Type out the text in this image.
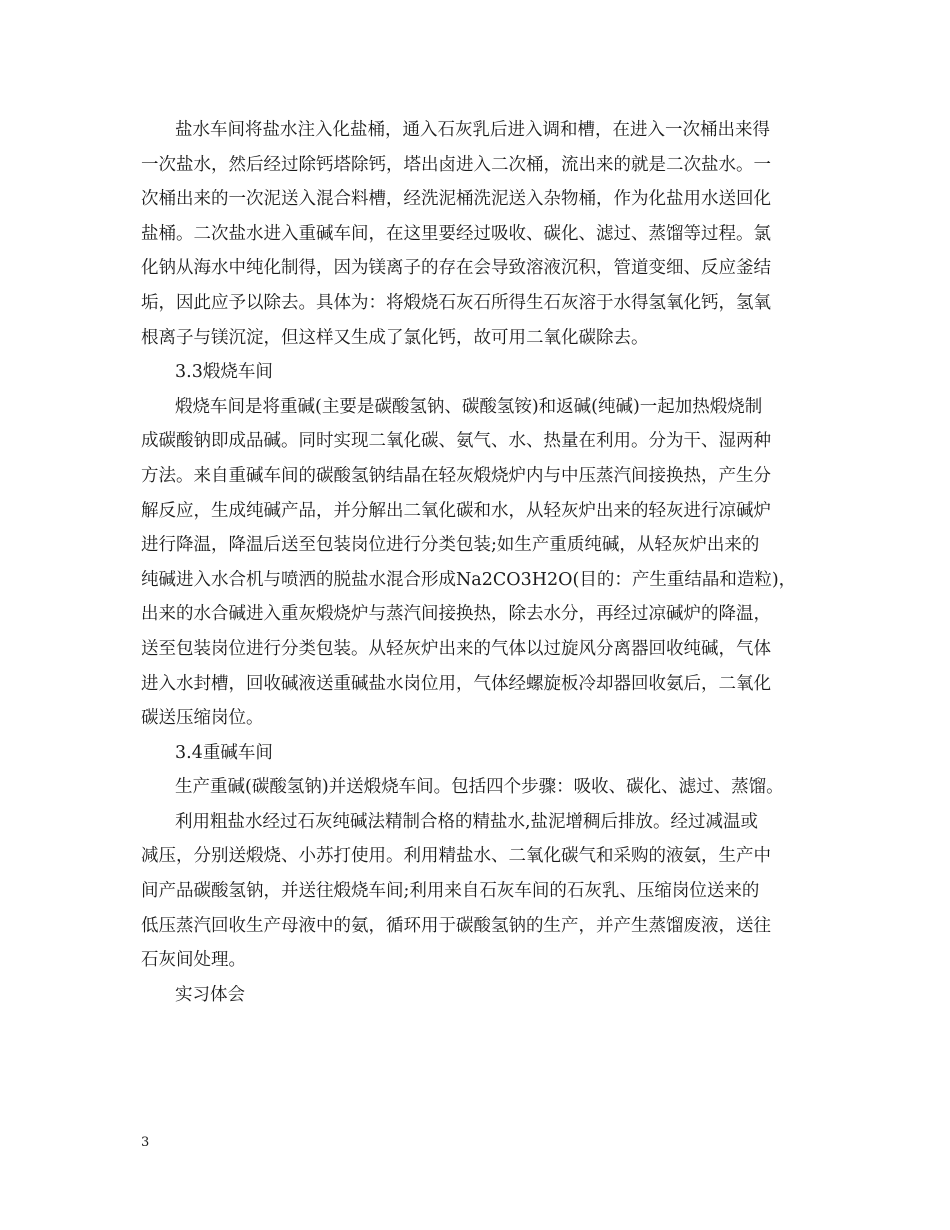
盐水车间将盐水注入化盐桶，通入石灰乳后进入调和槽，在进入一次桶出来得
一次盐水，然后经过除钙塔除钙，塔出卤进入二次桶，流出来的就是二次盐水。一
次桶出来的一次泥送入混合料槽，经洗泥桶洗泥送入杂物桶，作为化盐用水送回化
盐桶。二次盐水进入重碱车间，在这里要经过吸收、碳化、滤过、蒸馏等过程。氯
化钠从海水中纯化制得，因为镁离子的存在会导致溶液沉积，管道变细、反应釜结
垢，因此应予以除去。具体为：将煅烧石灰石所得生石灰溶于水得氢氧化钙，氢氧
根离子与镁沉淀，但这样又生成了氯化钙，故可用二氧化碳除去。
3.3煅烧车间
煅烧车间是将重碱(主要是碳酸氢钠、碳酸氢铵)和返碱(纯碱)一起加热煅烧制
成碳酸钠即成品碱。同时实现二氧化碳、氨气、水、热量在利用。分为干、湿两种
方法。来自重碱车间的碳酸氢钠结晶在轻灰煅烧炉内与中压蒸汽间接换热，产生分
解反应，生成纯碱产品，并分解出二氧化碳和水，从轻灰炉出来的轻灰进行凉碱炉
进行降温，降温后送至包装岗位进行分类包装;如生产重质纯碱，从轻灰炉出来的
纯碱进入水合机与喷洒的脱盐水混合形成Na2CO3H2O(目的：产生重结晶和造粒)，
出来的水合碱进入重灰煅烧炉与蒸汽间接换热，除去水分，再经过凉碱炉的降温，
送至包装岗位进行分类包装。从轻灰炉出来的气体以过旋风分离器回收纯碱，气体
进入水封槽，回收碱液送重碱盐水岗位用，气体经螺旋板冷却器回收氨后，二氧化
碳送压缩岗位。
3.4重碱车间
生产重碱(碳酸氢钠)并送煅烧车间。包括四个步骤：吸收、碳化、滤过、蒸馏。
利用粗盐水经过石灰纯碱法精制合格的精盐水,盐泥增稠后排放。经过减温或
减压，分别送煅烧、小苏打使用。利用精盐水、二氧化碳气和采购的液氨，生产中
间产品碳酸氢钠，并送往煅烧车间;利用来自石灰车间的石灰乳、压缩岗位送来的
低压蒸汽回收生产母液中的氨，循环用于碳酸氢钠的生产，并产生蒸馏废液，送往
石灰间处理。
实习体会
3
